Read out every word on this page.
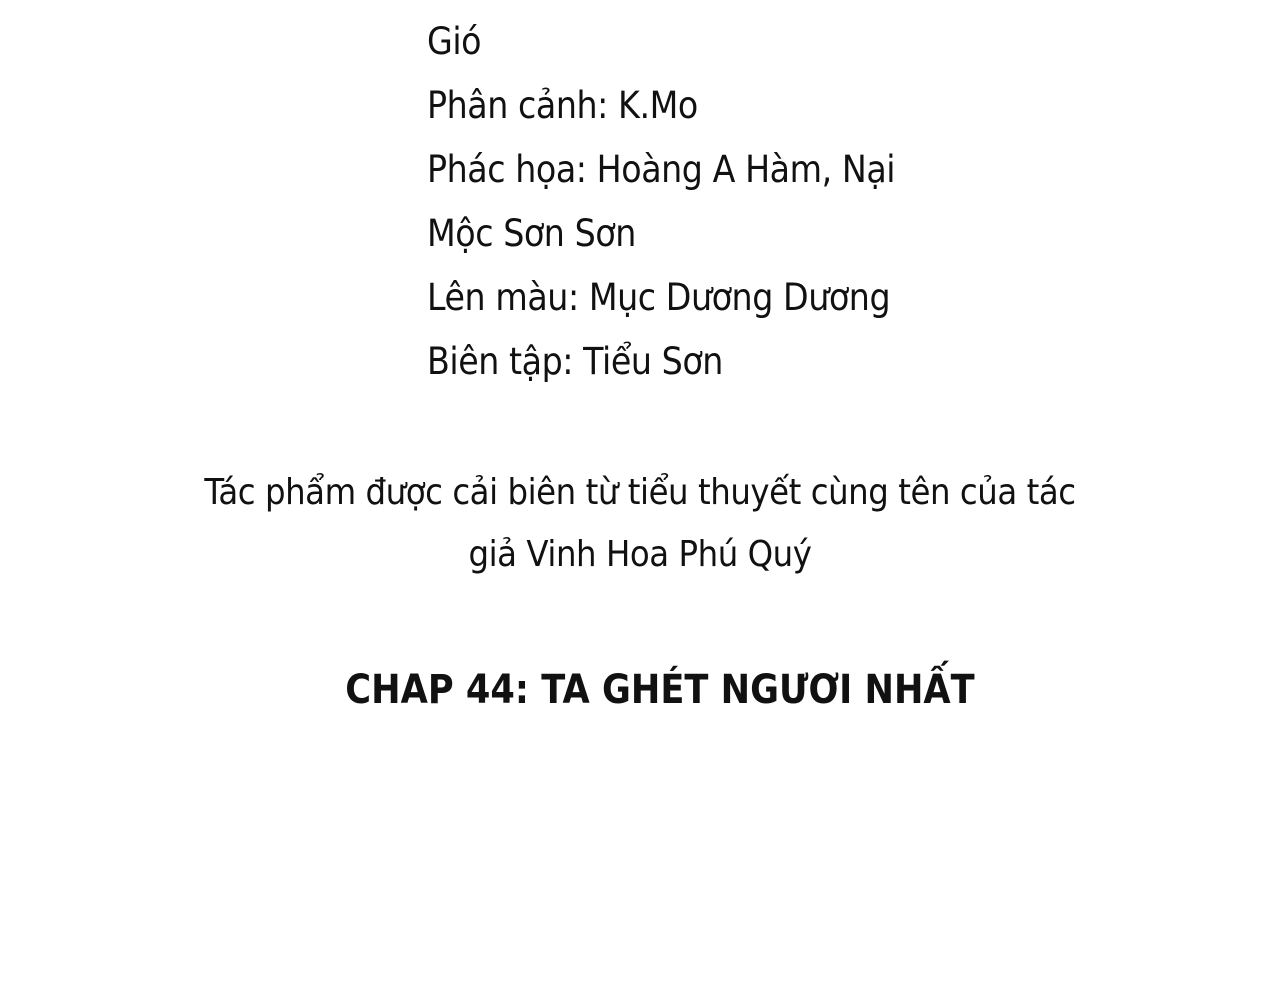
Gió
Phân cảnh: K.Mo
Phác họa: Hoàng A Hàm, Nại
Mộc Sơn Sơn
Lên màu: Mục Dương Dương
Biên tập: Tiểu Sơn
Tác phẩm được cải biên từ tiểu thuyết cùng tên của tác
giả Vinh Hoa Phú Quý
CHAP 44: TA GHÉT NGƯƠI NHẤT
